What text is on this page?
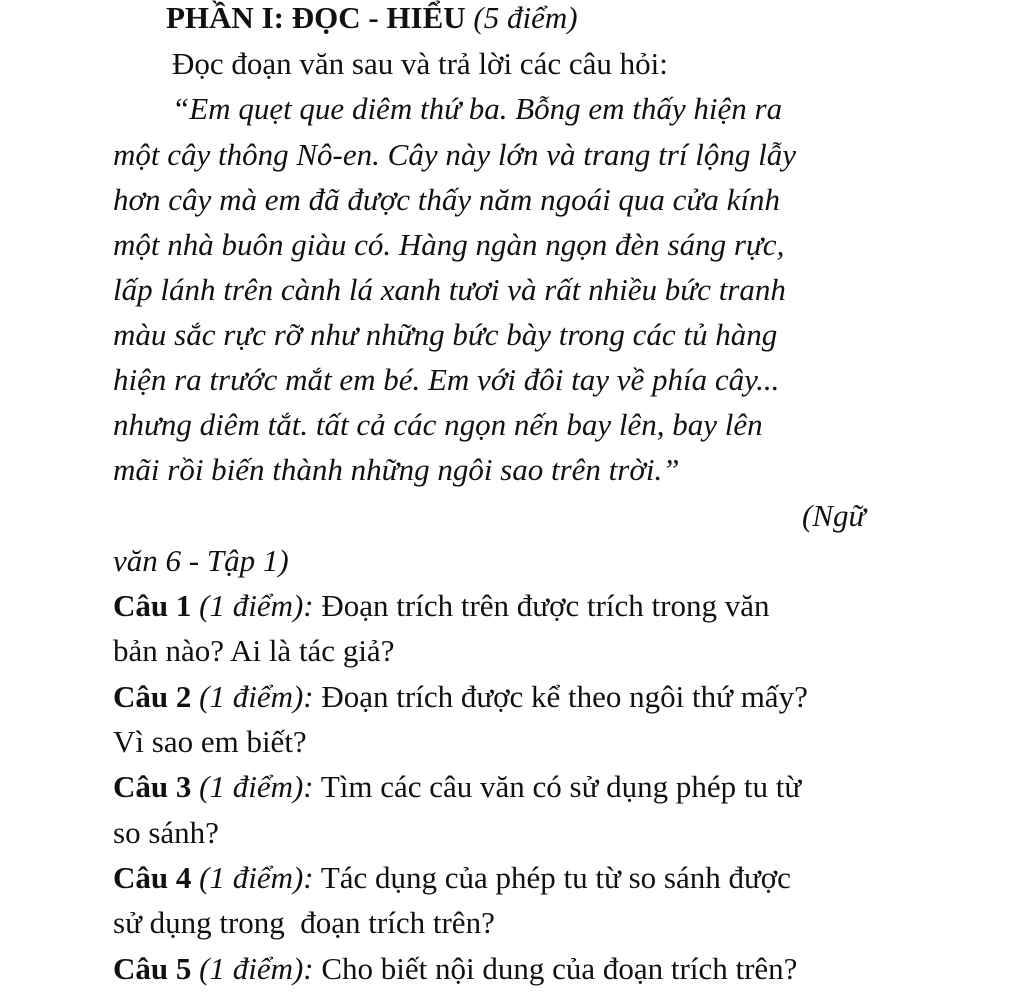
PHẦN I: ĐỌC - HIỂU (5 điểm)
Đọc đoạn văn sau và trả lời các câu hỏi:
“Em quẹt que diêm thứ ba. Bỗng em thấy hiện ra
một cây thông Nô-en. Cây này lớn và trang trí lộng lẫy
hơn cây mà em đã được thấy năm ngoái qua cửa kính
một nhà buôn giàu có. Hàng ngàn ngọn đèn sáng rực,
lấp lánh trên cành lá xanh tươi và rất nhiều bức tranh
màu sắc rực rỡ như những bức bày trong các tủ hàng
hiện ra trước mắt em bé. Em với đôi tay về phía cây...
nhưng diêm tắt. tất cả các ngọn nến bay lên, bay lên
mãi rồi biến thành những ngôi sao trên trời.”
(Ngữ
văn 6 - Tập 1)
Câu 1 (1 điểm): Đoạn trích trên được trích trong văn
bản nào? Ai là tác giả?
Câu 2 (1 điểm): Đoạn trích được kể theo ngôi thứ mấy?
Vì sao em biết?
Câu 3 (1 điểm): Tìm các câu văn có sử dụng phép tu từ
so sánh?
Câu 4 (1 điểm): Tác dụng của phép tu từ so sánh được
sử dụng trong  đoạn trích trên?
Câu 5 (1 điểm): Cho biết nội dung của đoạn trích trên?
